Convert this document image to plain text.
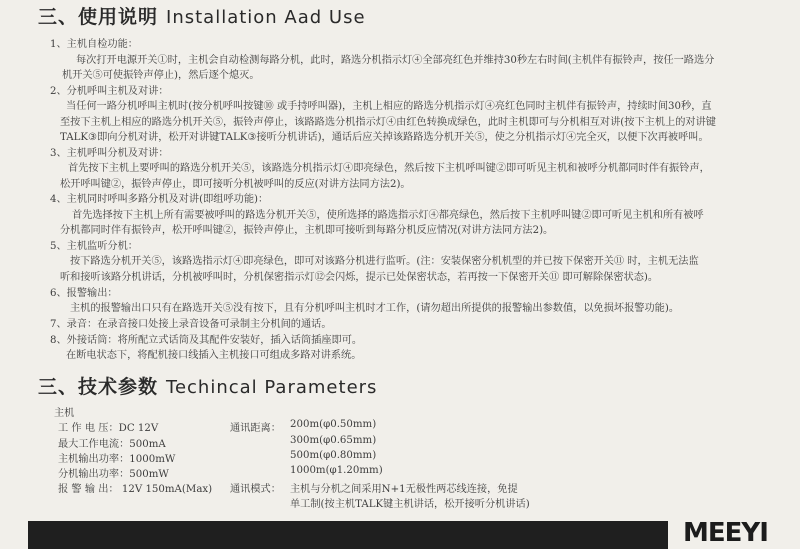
三、使用说明 Installation Aad Use
1、主机自检功能：
每次打开电源开关①时，主机会自动检测每路分机，此时，路选分机指示灯④全部亮红色并维持30秒左右时间(主机伴有振铃声，按任一路选分
机开关⑤可使振铃声停止)，然后逐个熄灭。
2、分机呼叫主机及对讲：
当任何一路分机呼叫主机时(按分机呼叫按键⑩ 或手持呼叫器)，主机上相应的路选分机指示灯④亮红色同时主机伴有振铃声，持续时间30秒，直
至按下主机上相应的路选分机开关⑤，振铃声停止，该路路选分机指示灯④由红色转换成绿色，此时主机即可与分机相互对讲(按下主机上的对讲键
TALK③即向分机对讲，松开对讲键TALK③接听分机讲话)，通话后应关掉该路路选分机开关⑤，使之分机指示灯④完全灭，以便下次再被呼叫。
3、主机呼叫分机及对讲：
首先按下主机上要呼叫的路选分机开关⑤，该路选分机指示灯④即亮绿色，然后按下主机呼叫键②即可听见主机和被呼分机都同时伴有振铃声，
松开呼叫键②，振铃声停止，即可接听分机被呼叫的反应(对讲方法同方法2)。
4、主机同时呼叫多路分机及对讲(即组呼功能)：
首先选择按下主机上所有需要被呼叫的路选分机开关⑤，使所选择的路选指示灯④都亮绿色，然后按下主机呼叫键②即可听见主机和所有被呼
分机都同时伴有振铃声，松开呼叫键②，振铃声停止，主机即可接听到每路分机反应情况(对讲方法同方法2)。
5、主机监听分机：
按下路选分机开关⑤，该路选指示灯④即亮绿色，即可对该路分机进行监听。(注：安装保密分机机型的并已按下保密开关⑪ 时，主机无法监
听和接听该路分机讲话，分机被呼叫时，分机保密指示灯⑫会闪烁，提示已处保密状态，若再按一下保密开关⑪ 即可解除保密状态)。
6、报警输出：
主机的报警输出口只有在路选开关⑤没有按下，且有分机呼叫主机时才工作，(请勿超出所提供的报警输出参数值，以免损坏报警功能)。
7、录音：在录音接口处接上录音设备可录制主分机间的通话。
8、外接话筒：将所配立式话筒及其配件安装好，插入话筒插座即可。
在断电状态下，将配机接口线插入主机接口可组成多路对讲系统。
三、技术参数 Techincal Parameters
主机
工 作 电 压：DC 12V
最大工作电流：500mA
主机输出功率：1000mW
分机输出功率：500mW
报 警 输 出： 12V 150mA(Max)
通讯距离： 200m(φ0.50mm)
300m(φ0.65mm)
500m(φ0.80mm)
1000m(φ1.20mm)
通讯模式： 主机与分机之间采用N+1无极性两芯线连接，免提
单工制(按主机TALK键主机讲话，松开接听分机讲话)
MEEYI
